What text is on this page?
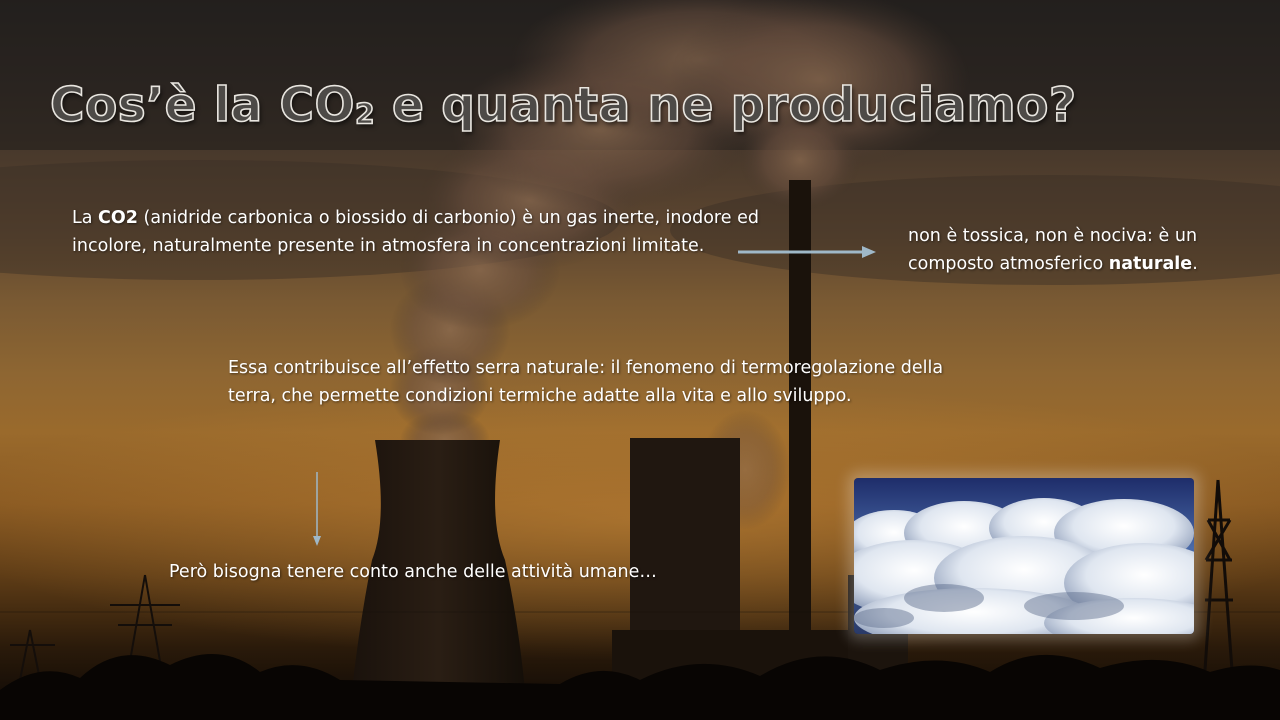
Cos’è la CO2 e quanta ne produciamo?

La CO2 (anidride carbonica o biossido di carbonio) è un gas inerte, inodore ed incolore, naturalmente presente in atmosfera in concentrazioni limitate.	non è tossica, non è nociva: è un composto atmosferico naturale.

Essa contribuisce all’effetto serra naturale: il fenomeno di termoregolazione della terra, che permette condizioni termiche adatte alla vita e allo sviluppo.

Però bisogna tenere conto anche delle attività umane…
